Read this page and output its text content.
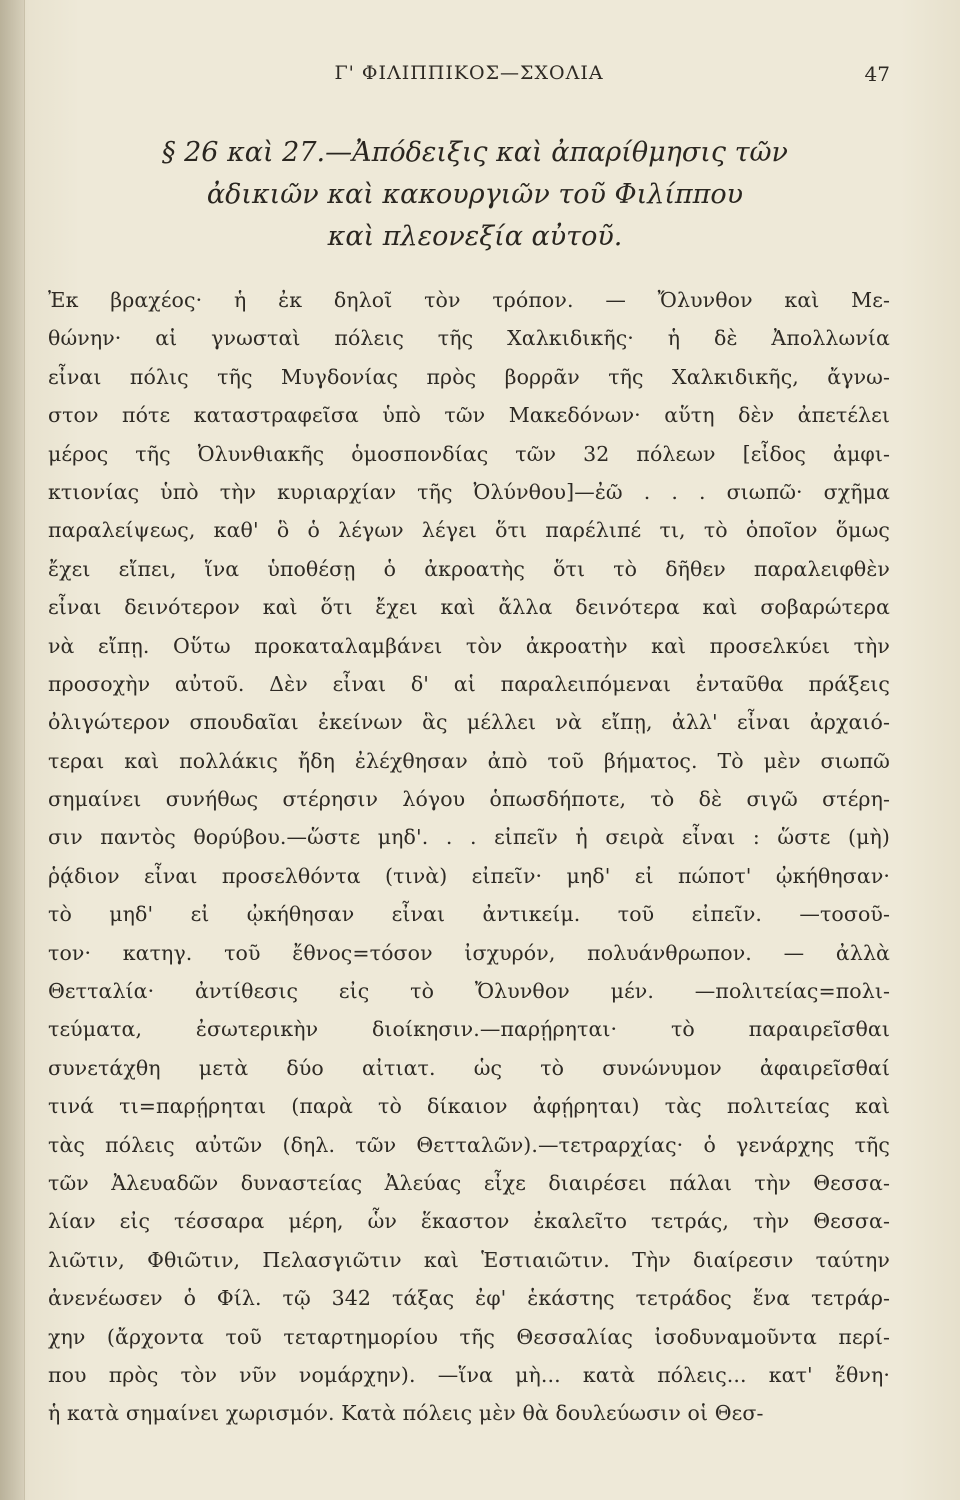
Γ' ΦΙΛΙΠΠΙΚΟΣ—ΣΧΟΛΙΑ	47
§ 26 καὶ 27.—Ἀπόδειξις καὶ ἀπαρίθμησις τῶν
ἀδικιῶν καὶ κακουργιῶν τοῦ Φιλίππου
καὶ πλεονεξία αὐτοῦ.
Ἐκ βραχέος· ἡ ἐκ δηλοῖ τὸν τρόπον. — Ὄλυνθον καὶ Με-
θώνην· αἱ γνωσταὶ πόλεις τῆς Χαλκιδικῆς· ἡ δὲ Ἀπολλωνία
εἶναι πόλις τῆς Μυγδονίας πρὸς βορρᾶν τῆς Χαλκιδικῆς, ἄγνω-
στον πότε καταστραφεῖσα ὑπὸ τῶν Μακεδόνων· αὕτη δὲν ἀπετέλει
μέρος τῆς Ὀλυνθιακῆς ὁμοσπονδίας τῶν 32 πόλεων [εἶδος ἀμφι-
κτιονίας ὑπὸ τὴν κυριαρχίαν τῆς Ὀλύνθου]—ἐῶ . . . σιωπῶ· σχῆμα
παραλείψεως, καθ' ὃ ὁ λέγων λέγει ὅτι παρέλιπέ τι, τὸ ὁποῖον ὅμως
ἔχει εἴπει, ἵνα ὑποθέσῃ ὁ ἀκροατὴς ὅτι τὸ δῆθεν παραλειφθὲν
εἶναι δεινότερον καὶ ὅτι ἔχει καὶ ἄλλα δεινότερα καὶ σοβαρώτερα
νὰ εἴπῃ. Οὕτω προκαταλαμβάνει τὸν ἀκροατὴν καὶ προσελκύει τὴν
προσοχὴν αὐτοῦ. Δὲν εἶναι δ' αἱ παραλειπόμεναι ἐνταῦθα πράξεις
ὀλιγώτερον σπουδαῖαι ἐκείνων ἃς μέλλει νὰ εἴπῃ, ἀλλ' εἶναι ἀρχαιό-
τεραι καὶ πολλάκις ἤδη ἐλέχθησαν ἀπὸ τοῦ βήματος. Τὸ μὲν σιωπῶ
σημαίνει συνήθως στέρησιν λόγου ὁπωσδήποτε, τὸ δὲ σιγῶ στέρη-
σιν παντὸς θορύβου.—ὥστε μηδ'. . . εἰπεῖν ἡ σειρὰ εἶναι : ὥστε (μὴ)
ῥᾴδιον εἶναι προσελθόντα (τινὰ) εἰπεῖν· μηδ' εἰ πώποτ' ᾠκήθησαν·
τὸ μηδ' εἰ ᾠκήθησαν εἶναι ἀντικείμ. τοῦ εἰπεῖν. —τοσοῦ-
τον· κατηγ. τοῦ ἔθνος=τόσον ἰσχυρόν, πολυάνθρωπον. — ἀλλὰ
Θετταλία· ἀντίθεσις εἰς τὸ Ὄλυνθον μέν. —πολιτείας=πολι-
τεύματα, ἐσωτερικὴν διοίκησιν.—παρῄρηται· τὸ παραιρεῖσθαι
συνετάχθη μετὰ δύο αἰτιατ. ὡς τὸ συνώνυμον ἀφαιρεῖσθαί
τινά τι=παρῄρηται (παρὰ τὸ δίκαιον ἀφῄρηται) τὰς πολιτείας καὶ
τὰς πόλεις αὐτῶν (δηλ. τῶν Θετταλῶν).—τετραρχίας· ὁ γενάρχης τῆς
τῶν Ἀλευαδῶν δυναστείας Ἀλεύας εἶχε διαιρέσει πάλαι τὴν Θεσσα-
λίαν εἰς τέσσαρα μέρη, ὧν ἕκαστον ἐκαλεῖτο τετράς, τὴν Θεσσα-
λιῶτιν, Φθιῶτιν, Πελασγιῶτιν καὶ Ἑστιαιῶτιν. Τὴν διαίρεσιν ταύτην
ἀνενέωσεν ὁ Φίλ. τῷ 342 τάξας ἐφ' ἑκάστης τετράδος ἕνα τετράρ-
χην (ἄρχοντα τοῦ τεταρτημορίου τῆς Θεσσαλίας ἰσοδυναμοῦντα περί-
που πρὸς τὸν νῦν νομάρχην). —ἵνα μὴ... κατὰ πόλεις... κατ' ἔθνη·
ἡ κατὰ σημαίνει χωρισμόν. Κατὰ πόλεις μὲν θὰ δουλεύωσιν οἱ Θεσ-
